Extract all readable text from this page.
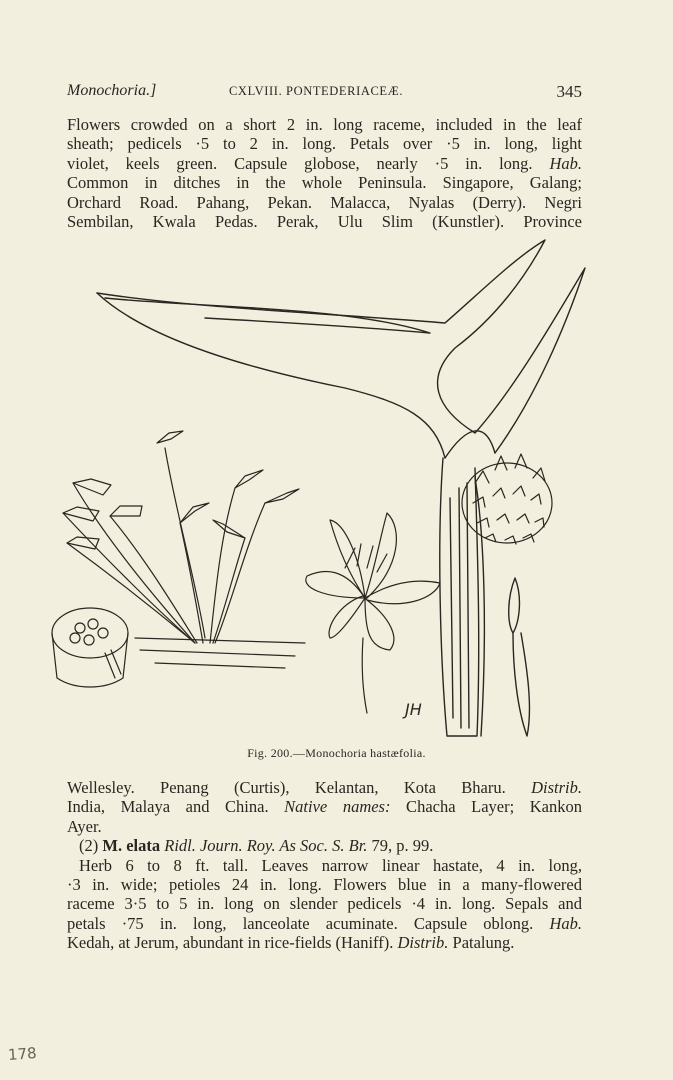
Monochoria.]	CXLVIII. PONTEDERIACEÆ.	345
Flowers crowded on a short 2 in. long raceme, included in the leaf
sheath; pedicels ·5 to 2 in. long. Petals over ·5 in. long, light
violet, keels green. Capsule globose, nearly ·5 in. long. Hab.
Common in ditches in the whole Peninsula. Singapore, Galang;
Orchard Road. Pahang, Pekan. Malacca, Nyalas (Derry). Negri
Sembilan, Kwala Pedas. Perak, Ulu Slim (Kunstler). Province
JH
Fig. 200.—Monochoria hastæfolia.
Wellesley. Penang (Curtis), Kelantan, Kota Bharu. Distrib.
India, Malaya and China. Native names: Chacha Layer; Kankon
Ayer.
(2) M. elata Ridl. Journ. Roy. As Soc. S. Br. 79, p. 99.
Herb 6 to 8 ft. tall. Leaves narrow linear hastate, 4 in. long,
·3 in. wide; petioles 24 in. long. Flowers blue in a many-flowered
raceme 3·5 to 5 in. long on slender pedicels ·4 in. long. Sepals and
petals ·75 in. long, lanceolate acuminate. Capsule oblong. Hab.
Kedah, at Jerum, abundant in rice-fields (Haniff). Distrib. Patalung.
178
